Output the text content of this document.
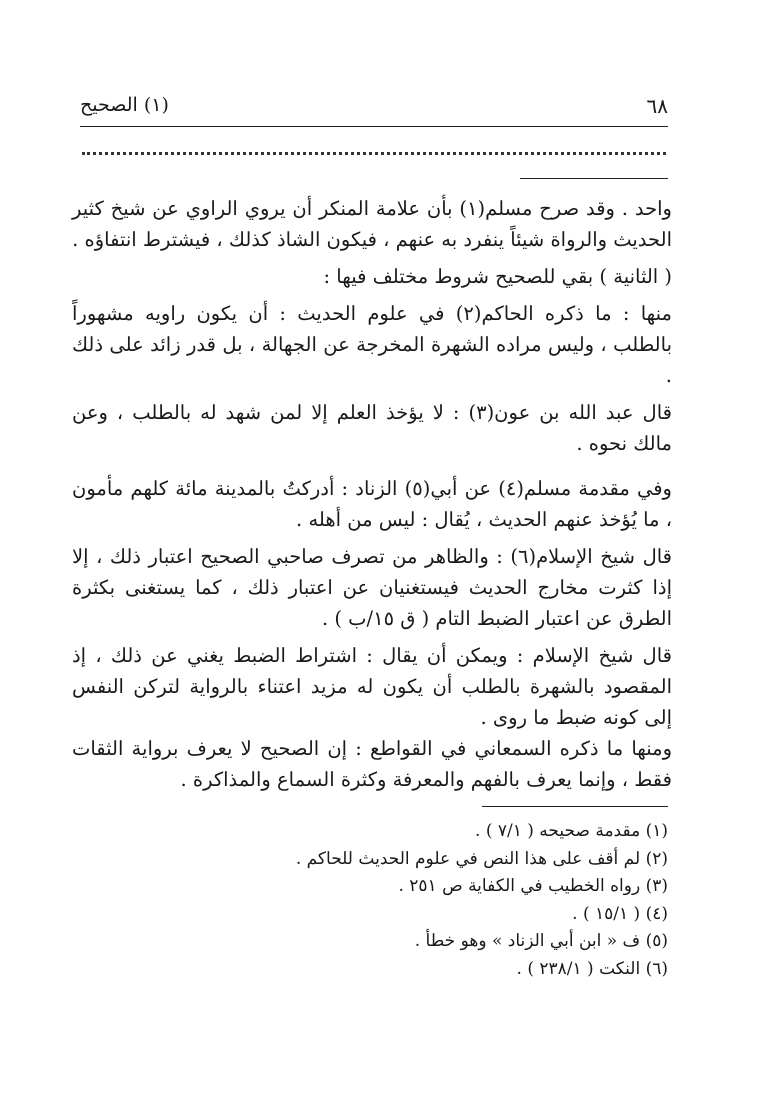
٦٨
(١) الصحيح

واحد . وقد صرح مسلم(١) بأن علامة المنكر أن يروي الراوي عن شيخ كثير الحديث والرواة شيئاً ينفرد به عنهم ، فيكون الشاذ كذلك ، فيشترط انتفاؤه .

( الثانية ) بقي للصحيح شروط مختلف فيها :

منها : ما ذكره الحاكم(٢) في علوم الحديث : أن يكون راويه مشهوراً بالطلب ، وليس مراده الشهرة المخرجة عن الجهالة ، بل قدر زائد على ذلك .

قال عبد الله بن عون(٣) : لا يؤخذ العلم إلا لمن شهد له بالطلب ، وعن مالك نحوه .

وفي مقدمة مسلم(٤) عن أبي(٥) الزناد : أدركتُ بالمدينة مائة كلهم مأمون ، ما يُؤخذ عنهم الحديث ، يُقال : ليس من أهله .

قال شيخ الإسلام(٦) : والظاهر من تصرف صاحبي الصحيح اعتبار ذلك ، إلا إذا كثرت مخارج الحديث فيستغنيان عن اعتبار ذلك ، كما يستغنى بكثرة الطرق عن اعتبار الضبط التام ( ق ١٥/ب ) .

قال شيخ الإسلام : ويمكن أن يقال : اشتراط الضبط يغني عن ذلك ، إذ المقصود بالشهرة بالطلب أن يكون له مزيد اعتناء بالرواية لتركن النفس إلى كونه ضبط ما روى .

ومنها ما ذكره السمعاني في القواطع : إن الصحيح لا يعرف برواية الثقات فقط ، وإنما يعرف بالفهم والمعرفة وكثرة السماع والمذاكرة .

(١) مقدمة صحيحه ( ٧/١ ) .

(٢) لم أقف على هذا النص في علوم الحديث للحاكم .

(٣) رواه الخطيب في الكفاية ص ٢٥١ .

(٤) ( ١٥/١ ) .

(٥) ف « ابن أبي الزناد » وهو خطأ .

(٦) النكت ( ٢٣٨/١ ) .
